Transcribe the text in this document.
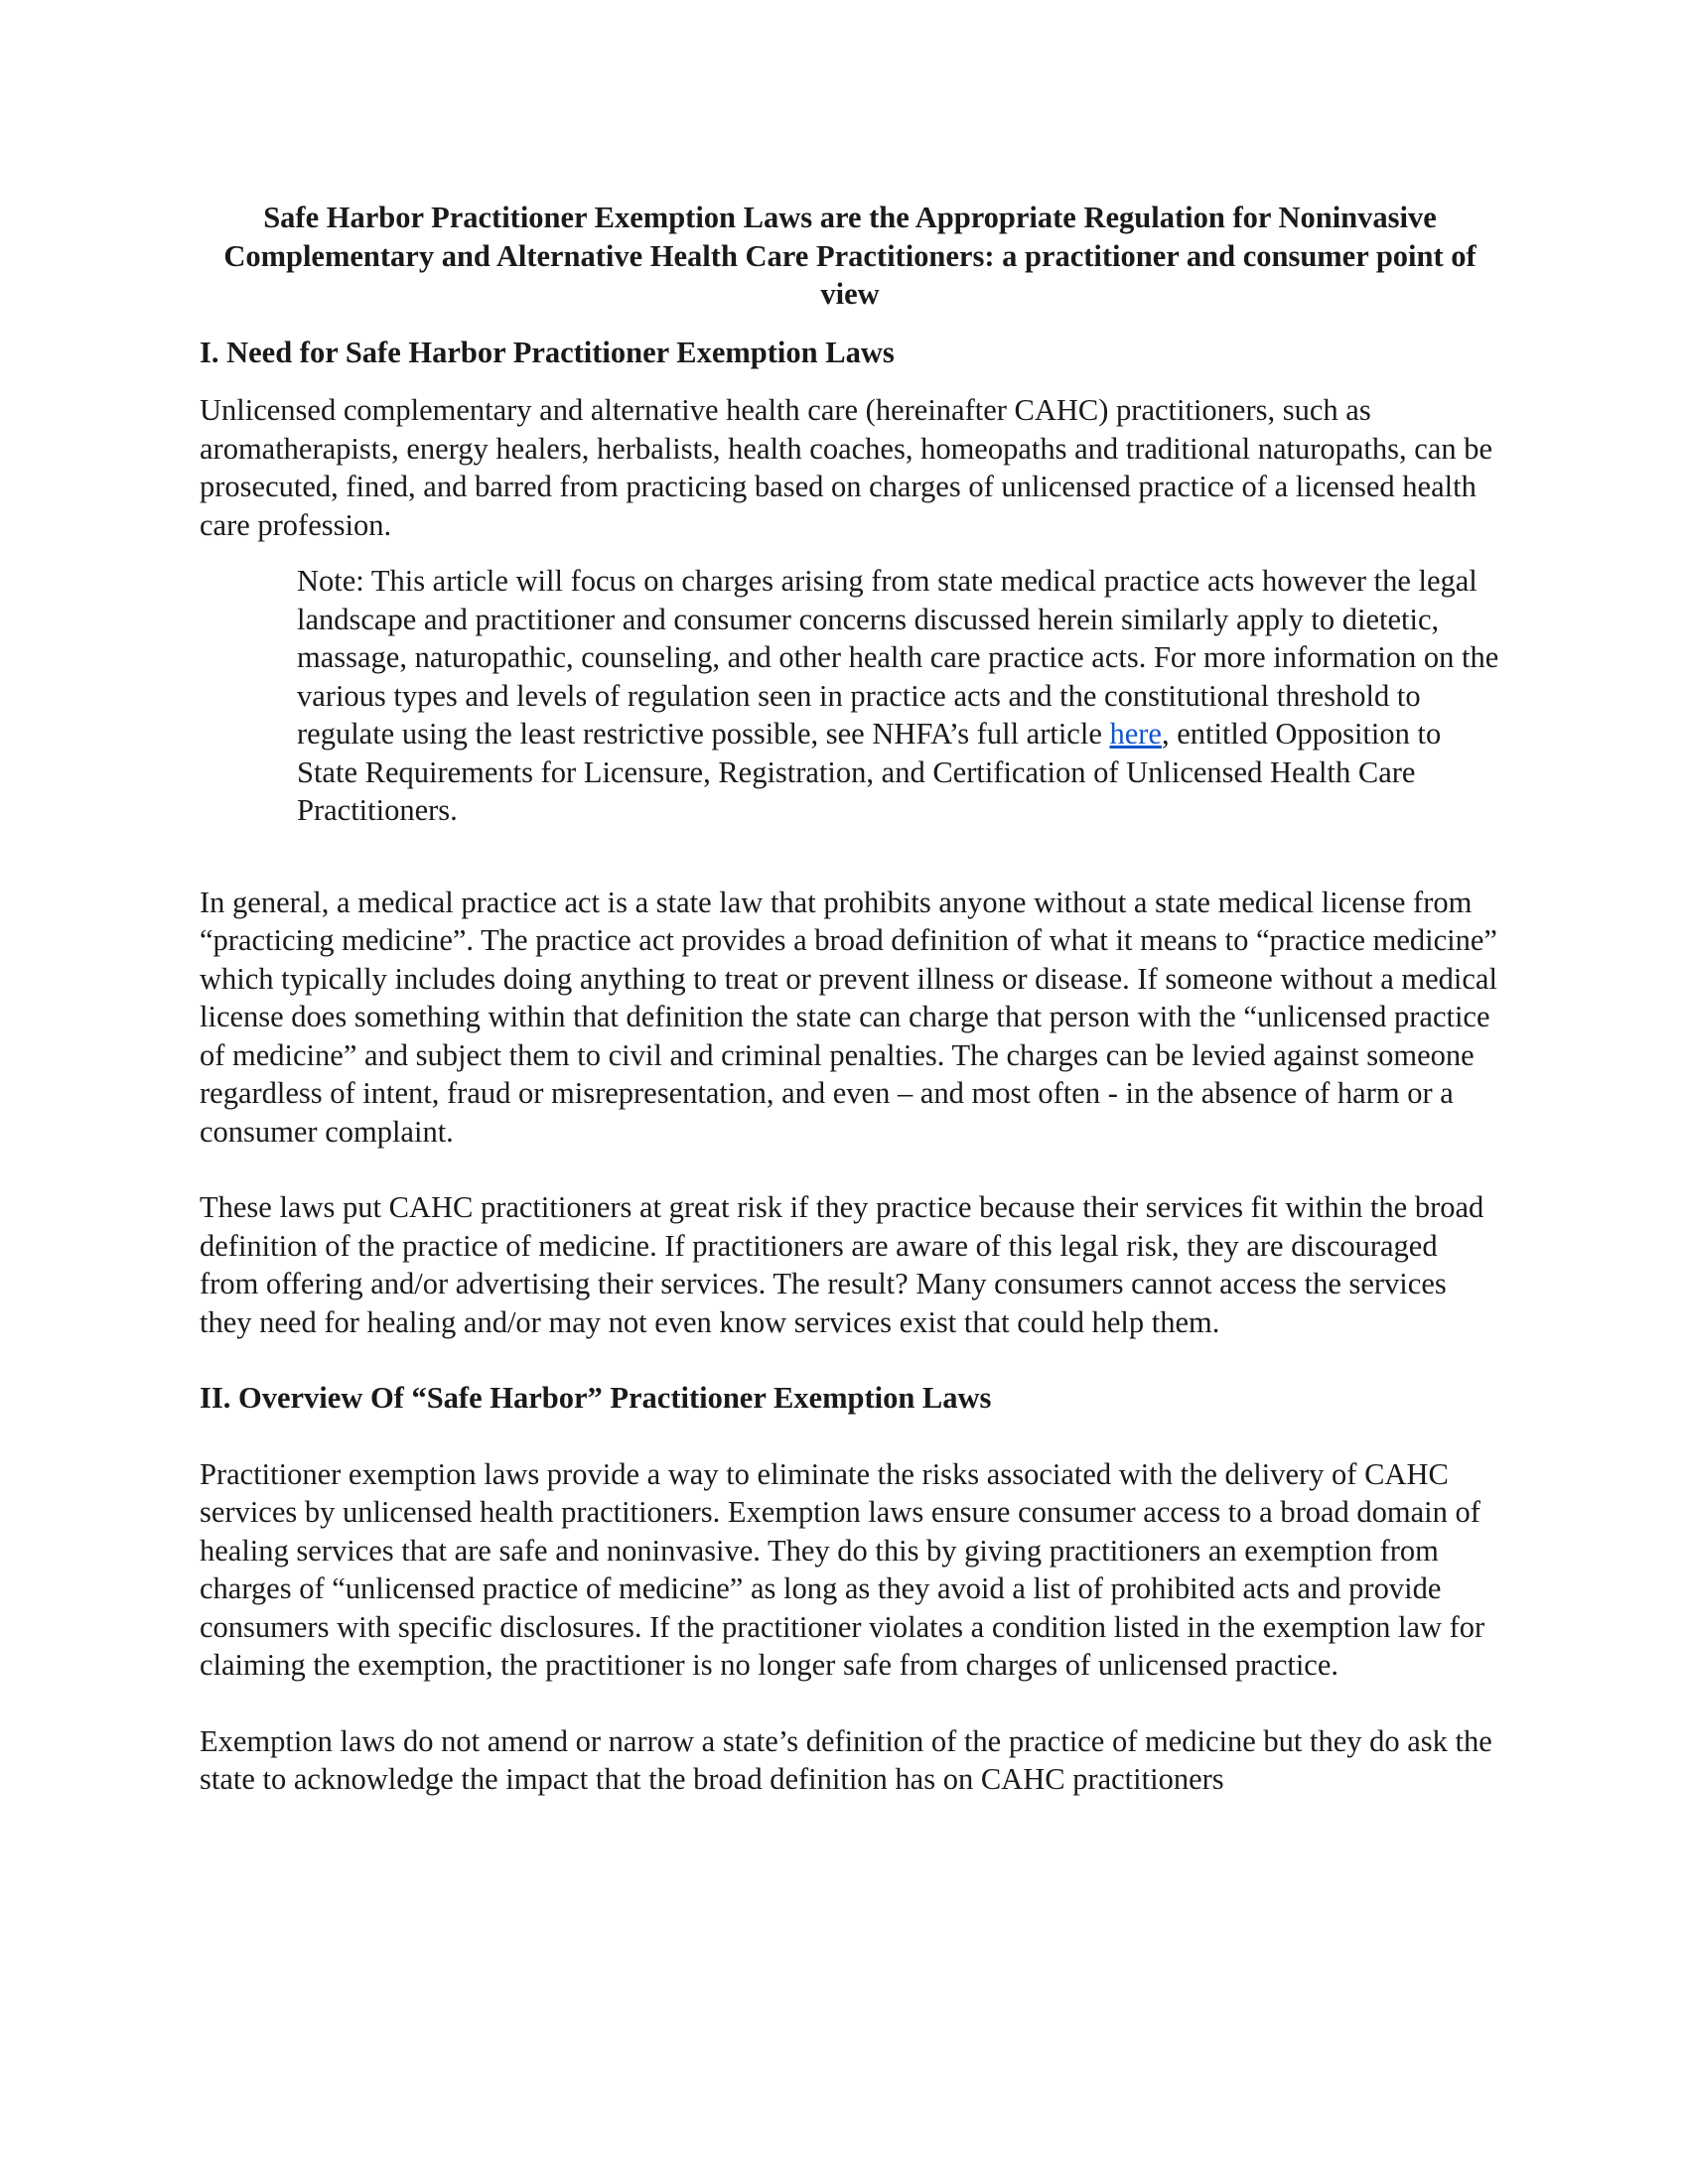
Safe Harbor Practitioner Exemption Laws are the Appropriate Regulation for Noninvasive Complementary and Alternative Health Care Practitioners: a practitioner and consumer point of view

I. Need for Safe Harbor Practitioner Exemption Laws

Unlicensed complementary and alternative health care (hereinafter CAHC) practitioners, such as aromatherapists, energy healers, herbalists, health coaches, homeopaths and traditional naturopaths, can be prosecuted, fined, and barred from practicing based on charges of unlicensed practice of a licensed health care profession.

Note: This article will focus on charges arising from state medical practice acts however the legal landscape and practitioner and consumer concerns discussed herein similarly apply to dietetic, massage, naturopathic, counseling, and other health care practice acts. For more information on the various types and levels of regulation seen in practice acts and the constitutional threshold to regulate using the least restrictive possible, see NHFA’s full article here, entitled Opposition to State Requirements for Licensure, Registration, and Certification of Unlicensed Health Care Practitioners.

In general, a medical practice act is a state law that prohibits anyone without a state medical license from “practicing medicine”. The practice act provides a broad definition of what it means to “practice medicine” which typically includes doing anything to treat or prevent illness or disease. If someone without a medical license does something within that definition the state can charge that person with the “unlicensed practice of medicine” and subject them to civil and criminal penalties. The charges can be levied against someone regardless of intent, fraud or misrepresentation, and even – and most often - in the absence of harm or a consumer complaint.

These laws put CAHC practitioners at great risk if they practice because their services fit within the broad definition of the practice of medicine. If practitioners are aware of this legal risk, they are discouraged from offering and/or advertising their services. The result? Many consumers cannot access the services they need for healing and/or may not even know services exist that could help them.

II. Overview Of “Safe Harbor” Practitioner Exemption Laws

Practitioner exemption laws provide a way to eliminate the risks associated with the delivery of CAHC services by unlicensed health practitioners. Exemption laws ensure consumer access to a broad domain of healing services that are safe and noninvasive. They do this by giving practitioners an exemption from charges of “unlicensed practice of medicine” as long as they avoid a list of prohibited acts and provide consumers with specific disclosures. If the practitioner violates a condition listed in the exemption law for claiming the exemption, the practitioner is no longer safe from charges of unlicensed practice.

Exemption laws do not amend or narrow a state’s definition of the practice of medicine but they do ask the state to acknowledge the impact that the broad definition has on CAHC practitioners
